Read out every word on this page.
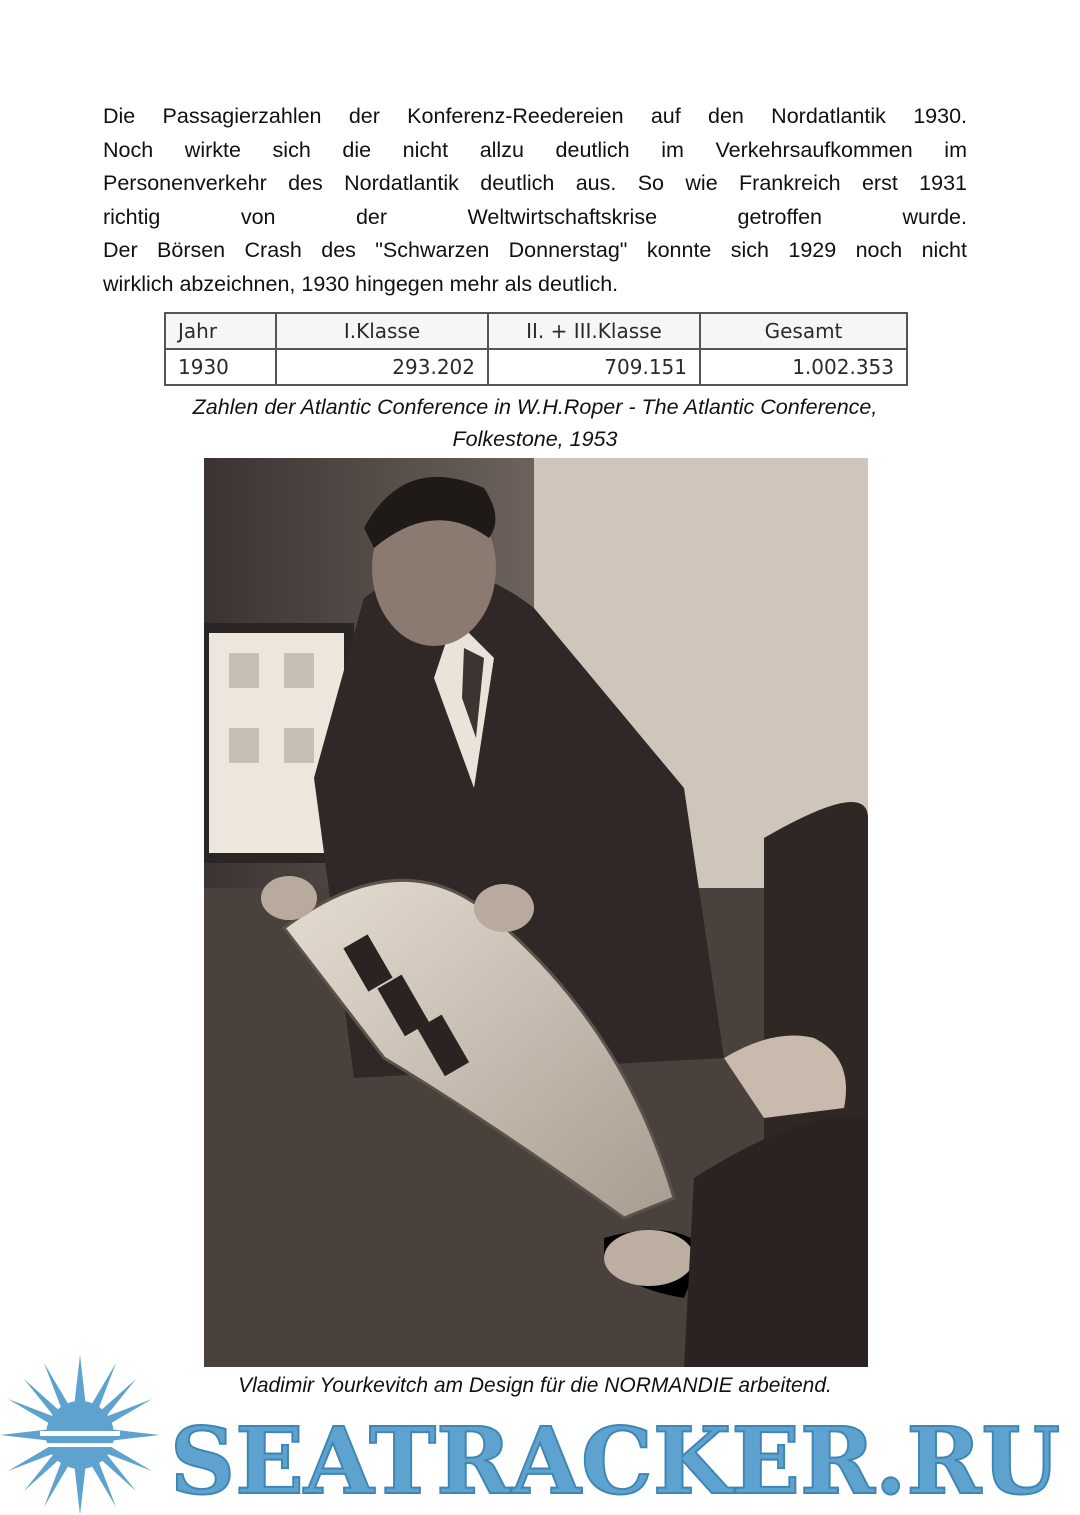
Die Passagierzahlen der Konferenz-Reedereien auf den Nordatlantik 1930.
Noch wirkte sich die nicht allzu deutlich im Verkehrsaufkommen im
Personenverkehr des Nordatlantik deutlich aus. So wie Frankreich erst 1931
richtig von der Weltwirtschaftskrise getroffen wurde.
Der Börsen Crash des "Schwarzen Donnerstag" konnte sich 1929 noch nicht
wirklich abzeichnen, 1930 hingegen mehr als deutlich.
Jahr	I.Klasse	II. + III.Klasse	Gesamt
1930	293.202	709.151	1.002.353
Zahlen der Atlantic Conference in W.H.Roper - The Atlantic Conference,
Folkestone, 1953
Vladimir Yourkevitch am Design für die NORMANDIE arbeitend.
SEATRACKER.RU
